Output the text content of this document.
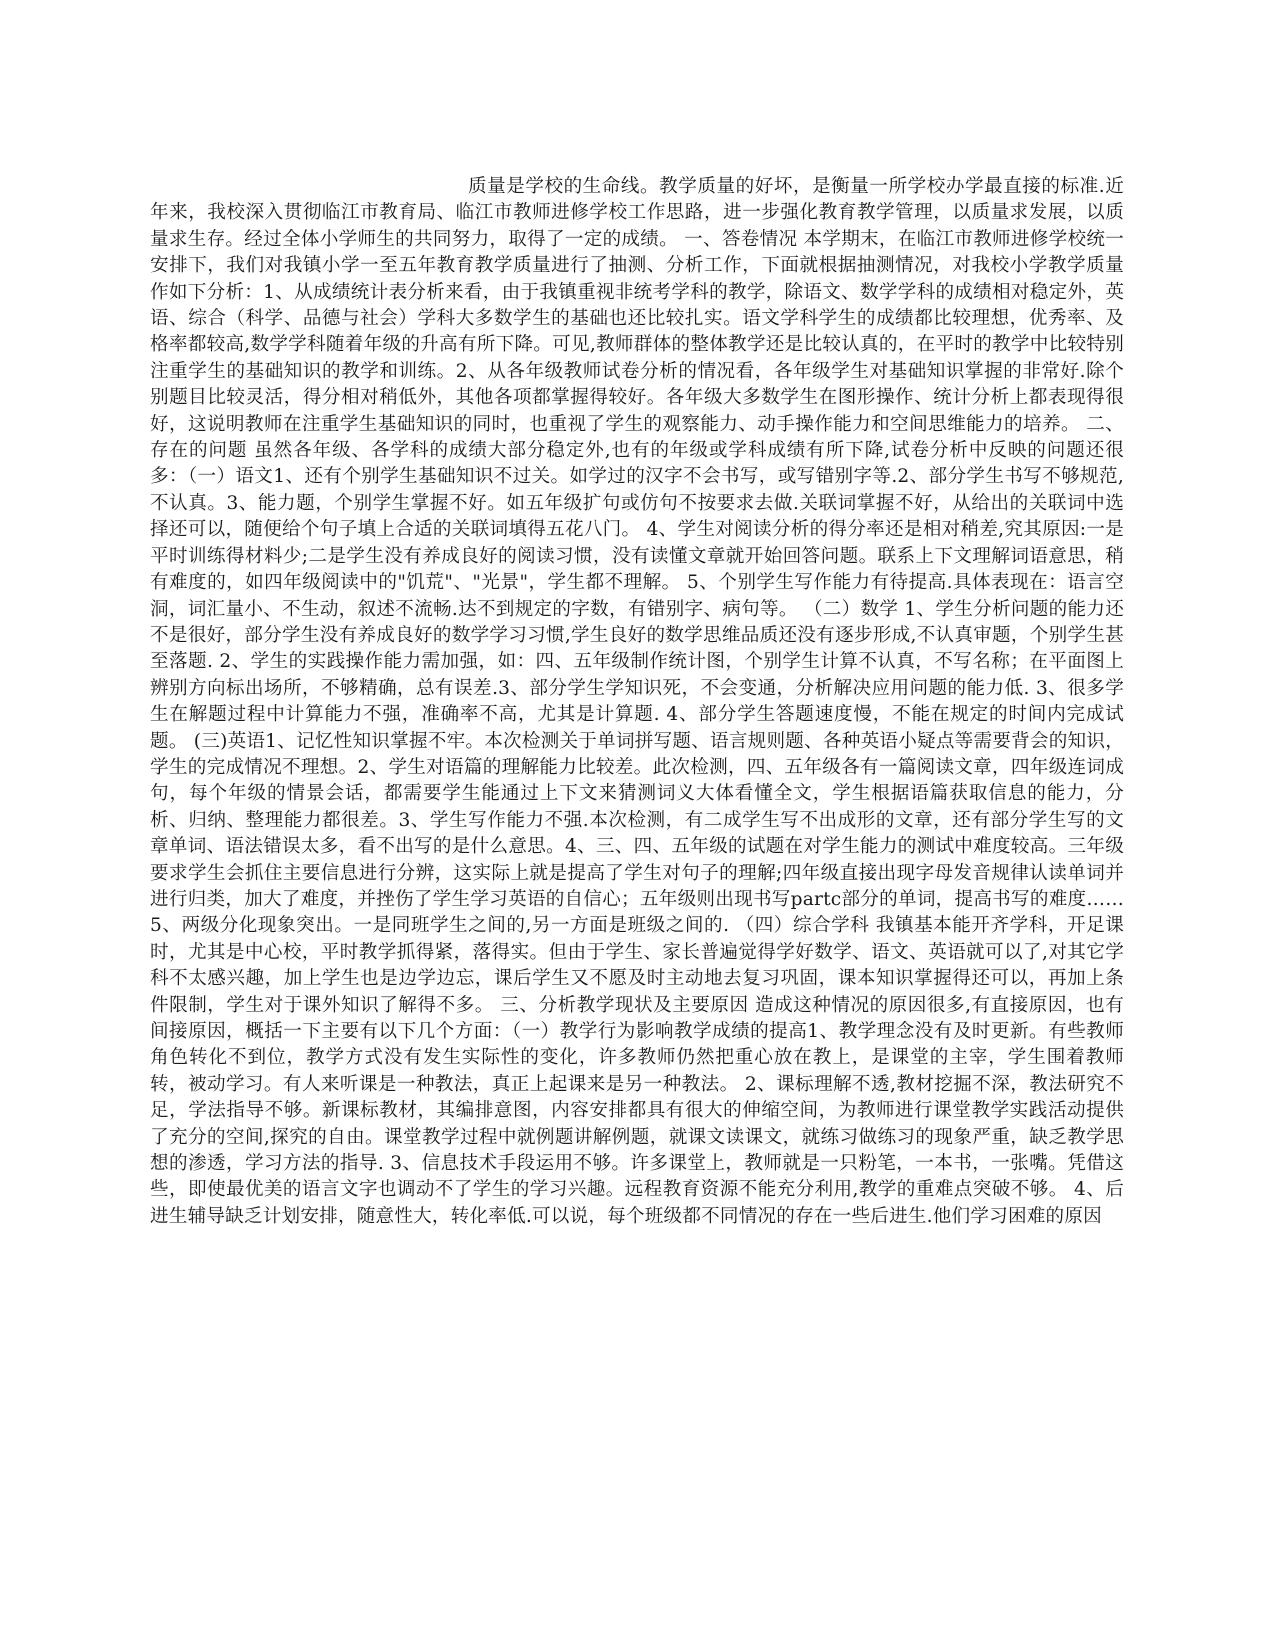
质量是学校的生命线。教学质量的好坏，是衡量一所学校办学最直接的标准.近年来，我校深入贯彻临江市教育局、临江市教师进修学校工作思路，进一步强化教育教学管理，以质量求发展，以质量求生存。经过全体小学师生的共同努力，取得了一定的成绩。 一、答卷情况 本学期末，在临江市教师进修学校统一安排下，我们对我镇小学一至五年教育教学质量进行了抽测、分析工作，下面就根据抽测情况，对我校小学教学质量作如下分析：1、从成绩统计表分析来看，由于我镇重视非统考学科的教学，除语文、数学学科的成绩相对稳定外，英语、综合（科学、品德与社会）学科大多数学生的基础也还比较扎实。语文学科学生的成绩都比较理想，优秀率、及格率都较高,数学学科随着年级的升高有所下降。可见,教师群体的整体教学还是比较认真的，在平时的教学中比较特别注重学生的基础知识的教学和训练。2、从各年级教师试卷分析的情况看，各年级学生对基础知识掌握的非常好.除个别题目比较灵活，得分相对稍低外，其他各项都掌握得较好。各年级大多数学生在图形操作、统计分析上都表现得很好，这说明教师在注重学生基础知识的同时，也重视了学生的观察能力、动手操作能力和空间思维能力的培养。 二、存在的问题 虽然各年级、各学科的成绩大部分稳定外,也有的年级或学科成绩有所下降,试卷分析中反映的问题还很多：（一）语文1、还有个别学生基础知识不过关。如学过的汉字不会书写，或写错别字等.2、部分学生书写不够规范,不认真。3、能力题，个别学生掌握不好。如五年级扩句或仿句不按要求去做.关联词掌握不好，从给出的关联词中选择还可以，随便给个句子填上合适的关联词填得五花八门。 4、学生对阅读分析的得分率还是相对稍差,究其原因:一是平时训练得材料少;二是学生没有养成良好的阅读习惯，没有读懂文章就开始回答问题。联系上下文理解词语意思，稍有难度的，如四年级阅读中的"饥荒"、"光景"，学生都不理解。 5、个别学生写作能力有待提高.具体表现在：语言空洞，词汇量小、不生动，叙述不流畅.达不到规定的字数，有错别字、病句等。 （二）数学 1、学生分析问题的能力还不是很好，部分学生没有养成良好的数学学习习惯,学生良好的数学思维品质还没有逐步形成,不认真审题，个别学生甚至落题. 2、学生的实践操作能力需加强，如：四、五年级制作统计图，个别学生计算不认真，不写名称；在平面图上辨别方向标出场所，不够精确，总有误差.3、部分学生学知识死，不会变通，分析解决应用问题的能力低. 3、很多学生在解题过程中计算能力不强，准确率不高，尤其是计算题. 4、部分学生答题速度慢，不能在规定的时间内完成试题。 (三)英语1、记忆性知识掌握不牢。本次检测关于单词拼写题、语言规则题、各种英语小疑点等需要背会的知识，学生的完成情况不理想。2、学生对语篇的理解能力比较差。此次检测，四、五年级各有一篇阅读文章，四年级连词成句，每个年级的情景会话，都需要学生能通过上下文来猜测词义大体看懂全文，学生根据语篇获取信息的能力，分析、归纳、整理能力都很差。3、学生写作能力不强.本次检测，有二成学生写不出成形的文章，还有部分学生写的文章单词、语法错误太多，看不出写的是什么意思。4、三、四、五年级的试题在对学生能力的测试中难度较高。三年级要求学生会抓住主要信息进行分辨，这实际上就是提高了学生对句子的理解;四年级直接出现字母发音规律认读单词并进行归类，加大了难度，并挫伤了学生学习英语的自信心；五年级则出现书写partc部分的单词，提高书写的难度…… 5、两级分化现象突出。一是同班学生之间的,另一方面是班级之间的. （四）综合学科 我镇基本能开齐学科，开足课时，尤其是中心校，平时教学抓得紧，落得实。但由于学生、家长普遍觉得学好数学、语文、英语就可以了,对其它学科不太感兴趣，加上学生也是边学边忘，课后学生又不愿及时主动地去复习巩固，课本知识掌握得还可以，再加上条件限制，学生对于课外知识了解得不多。 三、分析教学现状及主要原因 造成这种情况的原因很多,有直接原因，也有间接原因，概括一下主要有以下几个方面：（一）教学行为影响教学成绩的提高1、教学理念没有及时更新。有些教师角色转化不到位，教学方式没有发生实际性的变化，许多教师仍然把重心放在教上，是课堂的主宰，学生围着教师转，被动学习。有人来听课是一种教法，真正上起课来是另一种教法。 2、课标理解不透,教材挖掘不深，教法研究不足，学法指导不够。新课标教材，其编排意图，内容安排都具有很大的伸缩空间，为教师进行课堂教学实践活动提供了充分的空间,探究的自由。课堂教学过程中就例题讲解例题，就课文读课文，就练习做练习的现象严重，缺乏教学思想的渗透，学习方法的指导. 3、信息技术手段运用不够。许多课堂上，教师就是一只粉笔，一本书，一张嘴。凭借这些，即使最优美的语言文字也调动不了学生的学习兴趣。远程教育资源不能充分利用,教学的重难点突破不够。 4、后进生辅导缺乏计划安排，随意性大，转化率低.可以说，每个班级都不同情况的存在一些后进生.他们学习困难的原因
